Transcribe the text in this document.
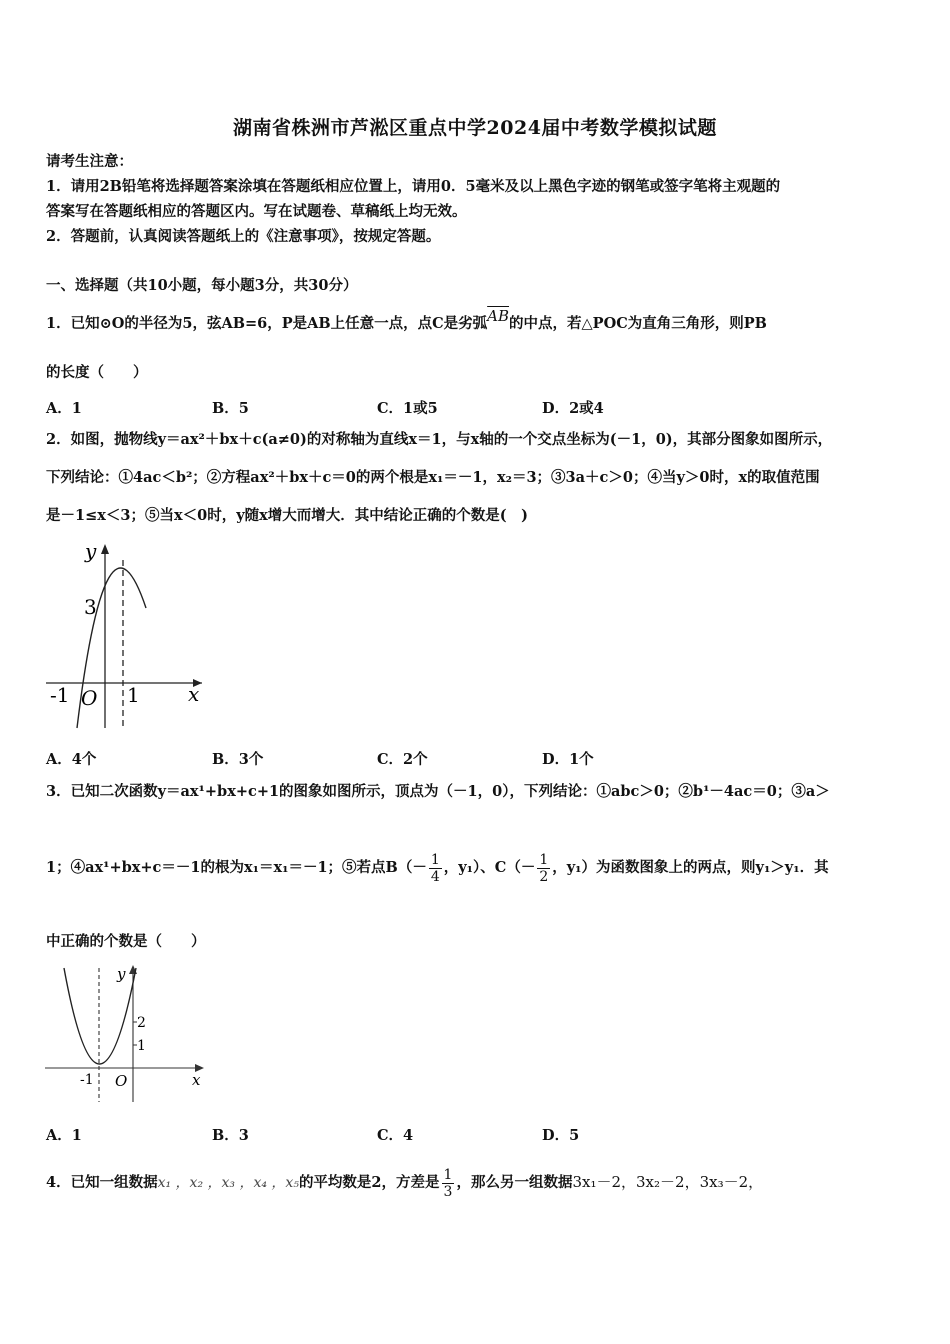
湖南省株洲市芦淞区重点中学2024届中考数学模拟试题
请考生注意：
1．请用2B铅笔将选择题答案涂填在答题纸相应位置上，请用0．5毫米及以上黑色字迹的钢笔或签字笔将主观题的
答案写在答题纸相应的答题区内。写在试题卷、草稿纸上均无效。
2．答题前，认真阅读答题纸上的《注意事项》，按规定答题。
一、选择题（共10小题，每小题3分，共30分）
1．已知⊙O的半径为5，弦AB=6，P是AB上任意一点，点C是劣弧$\overline{AB}$的中点，若△POC为直角三角形，则PB
的长度（　　）
A．1	B．5	C．1或5	D．2或4
2．如图，抛物线y＝ax²＋bx＋c(a≠0)的对称轴为直线x＝1，与x轴的一个交点坐标为(－1，0)，其部分图象如图所示，
下列结论：①4ac＜b²；②方程ax²＋bx＋c＝0的两个根是x₁＝－1，x₂＝3；③3a＋c＞0；④当y＞0时，x的取值范围
是－1≤x＜3；⑤当x＜0时，y随x增大而增大．其中结论正确的个数是(　)
y
x
3
-1 O 1
A．4个	B．3个	C．2个	D．1个
3．已知二次函数y＝ax¹+bx+c+1的图象如图所示，顶点为（－1，0），下列结论：①abc＞0；②b¹－4ac＝0；③a＞
1；④ax¹+bx+c＝－1的根为x₁＝x₁＝－1；⑤若点$B(- \frac{1}{4}$ ，y₁）、$C(- \frac{1}{2}$ ，y₁）为函数图象上的两点，则y₁＞y₁．其
中正确的个数是（　　）
y
x
2
1
-1 O
A．1	B．3	C．4	D．5
4．已知一组数据x₁ ，x₂ ，x₃ ，x₄ ，x₅的平均数是2，方差是 $\frac{1}{3}$ ，那么另一组数据3x₁－2，3x₂－2，3x₃－2，
